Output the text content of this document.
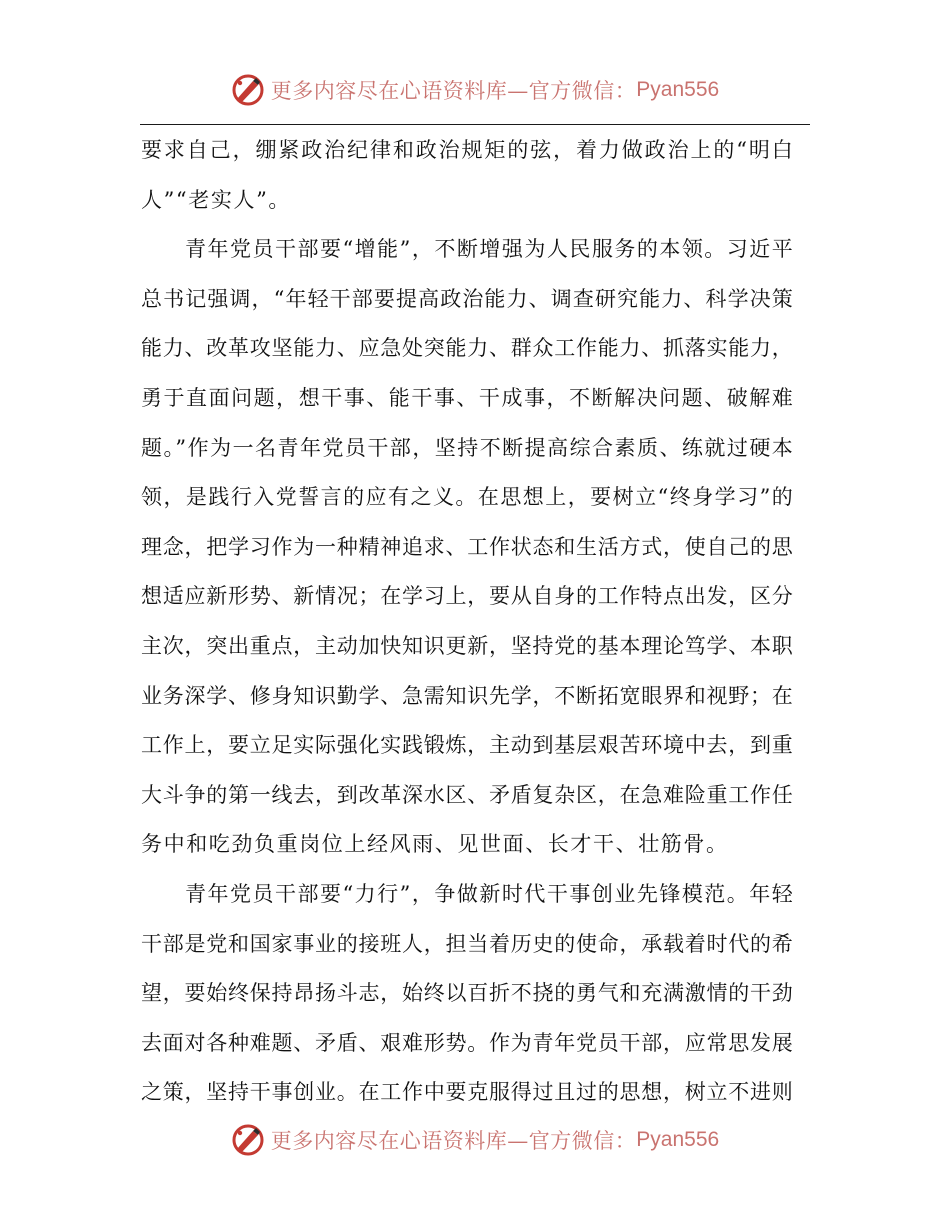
更多内容尽在心语资料库—官方微信： Pyan556
要求自己，绷紧政治纪律和政治规矩的弦，着力做政治上的“明白
人”“老实人”。
青年党员干部要“增能”，不断增强为人民服务的本领。习近平
总书记强调，“年轻干部要提高政治能力、调查研究能力、科学决策
能力、改革攻坚能力、应急处突能力、群众工作能力、抓落实能力，
勇于直面问题，想干事、能干事、干成事，不断解决问题、破解难
题。”作为一名青年党员干部，坚持不断提高综合素质、练就过硬本
领，是践行入党誓言的应有之义。在思想上，要树立“终身学习”的
理念，把学习作为一种精神追求、工作状态和生活方式，使自己的思
想适应新形势、新情况；在学习上，要从自身的工作特点出发，区分
主次，突出重点，主动加快知识更新，坚持党的基本理论笃学、本职
业务深学、修身知识勤学、急需知识先学，不断拓宽眼界和视野；在
工作上，要立足实际强化实践锻炼，主动到基层艰苦环境中去，到重
大斗争的第一线去，到改革深水区、矛盾复杂区，在急难险重工作任
务中和吃劲负重岗位上经风雨、见世面、长才干、壮筋骨。
青年党员干部要“力行”，争做新时代干事创业先锋模范。年轻
干部是党和国家事业的接班人，担当着历史的使命，承载着时代的希
望，要始终保持昂扬斗志，始终以百折不挠的勇气和充满激情的干劲
去面对各种难题、矛盾、艰难形势。作为青年党员干部，应常思发展
之策，坚持干事创业。在工作中要克服得过且过的思想，树立不进则
更多内容尽在心语资料库—官方微信： Pyan556
